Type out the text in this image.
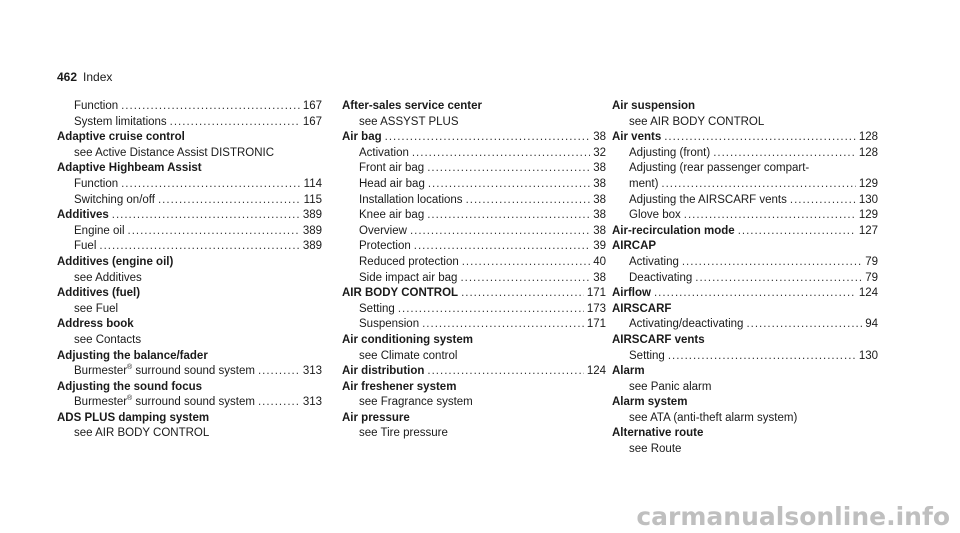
462 Index
Function .....	167
System limitations .....	167
Adaptive cruise control
see Active Distance Assist DISTRONIC
Adaptive Highbeam Assist
Function .....	114
Switching on/off .....	115
Additives .....	389
Engine oil .....	389
Fuel .....	389
Additives (engine oil)
see Additives
Additives (fuel)
see Fuel
Address book
see Contacts
Adjusting the balance/fader
Burmester® surround sound system .....	313
Adjusting the sound focus
Burmester® surround sound system .....	313
ADS PLUS damping system
see AIR BODY CONTROL
After-sales service center
see ASSYST PLUS
Air bag .....	38
Activation .....	32
Front air bag .....	38
Head air bag .....	38
Installation locations .....	38
Knee air bag .....	38
Overview .....	38
Protection .....	39
Reduced protection .....	40
Side impact air bag .....	38
AIR BODY CONTROL .....	171
Setting .....	173
Suspension .....	171
Air conditioning system
see Climate control
Air distribution .....	124
Air freshener system
see Fragrance system
Air pressure
see Tire pressure
Air suspension
see AIR BODY CONTROL
Air vents .....	128
Adjusting (front) .....	128
Adjusting (rear passenger compart-
ment) .....	129
Adjusting the AIRSCARF vents .....	130
Glove box .....	129
Air-recirculation mode .....	127
AIRCAP
Activating .....	79
Deactivating .....	79
Airflow .....	124
AIRSCARF
Activating/deactivating .....	94
AIRSCARF vents
Setting .....	130
Alarm
see Panic alarm
Alarm system
see ATA (anti-theft alarm system)
Alternative route
see Route
carmanualsonline.info
